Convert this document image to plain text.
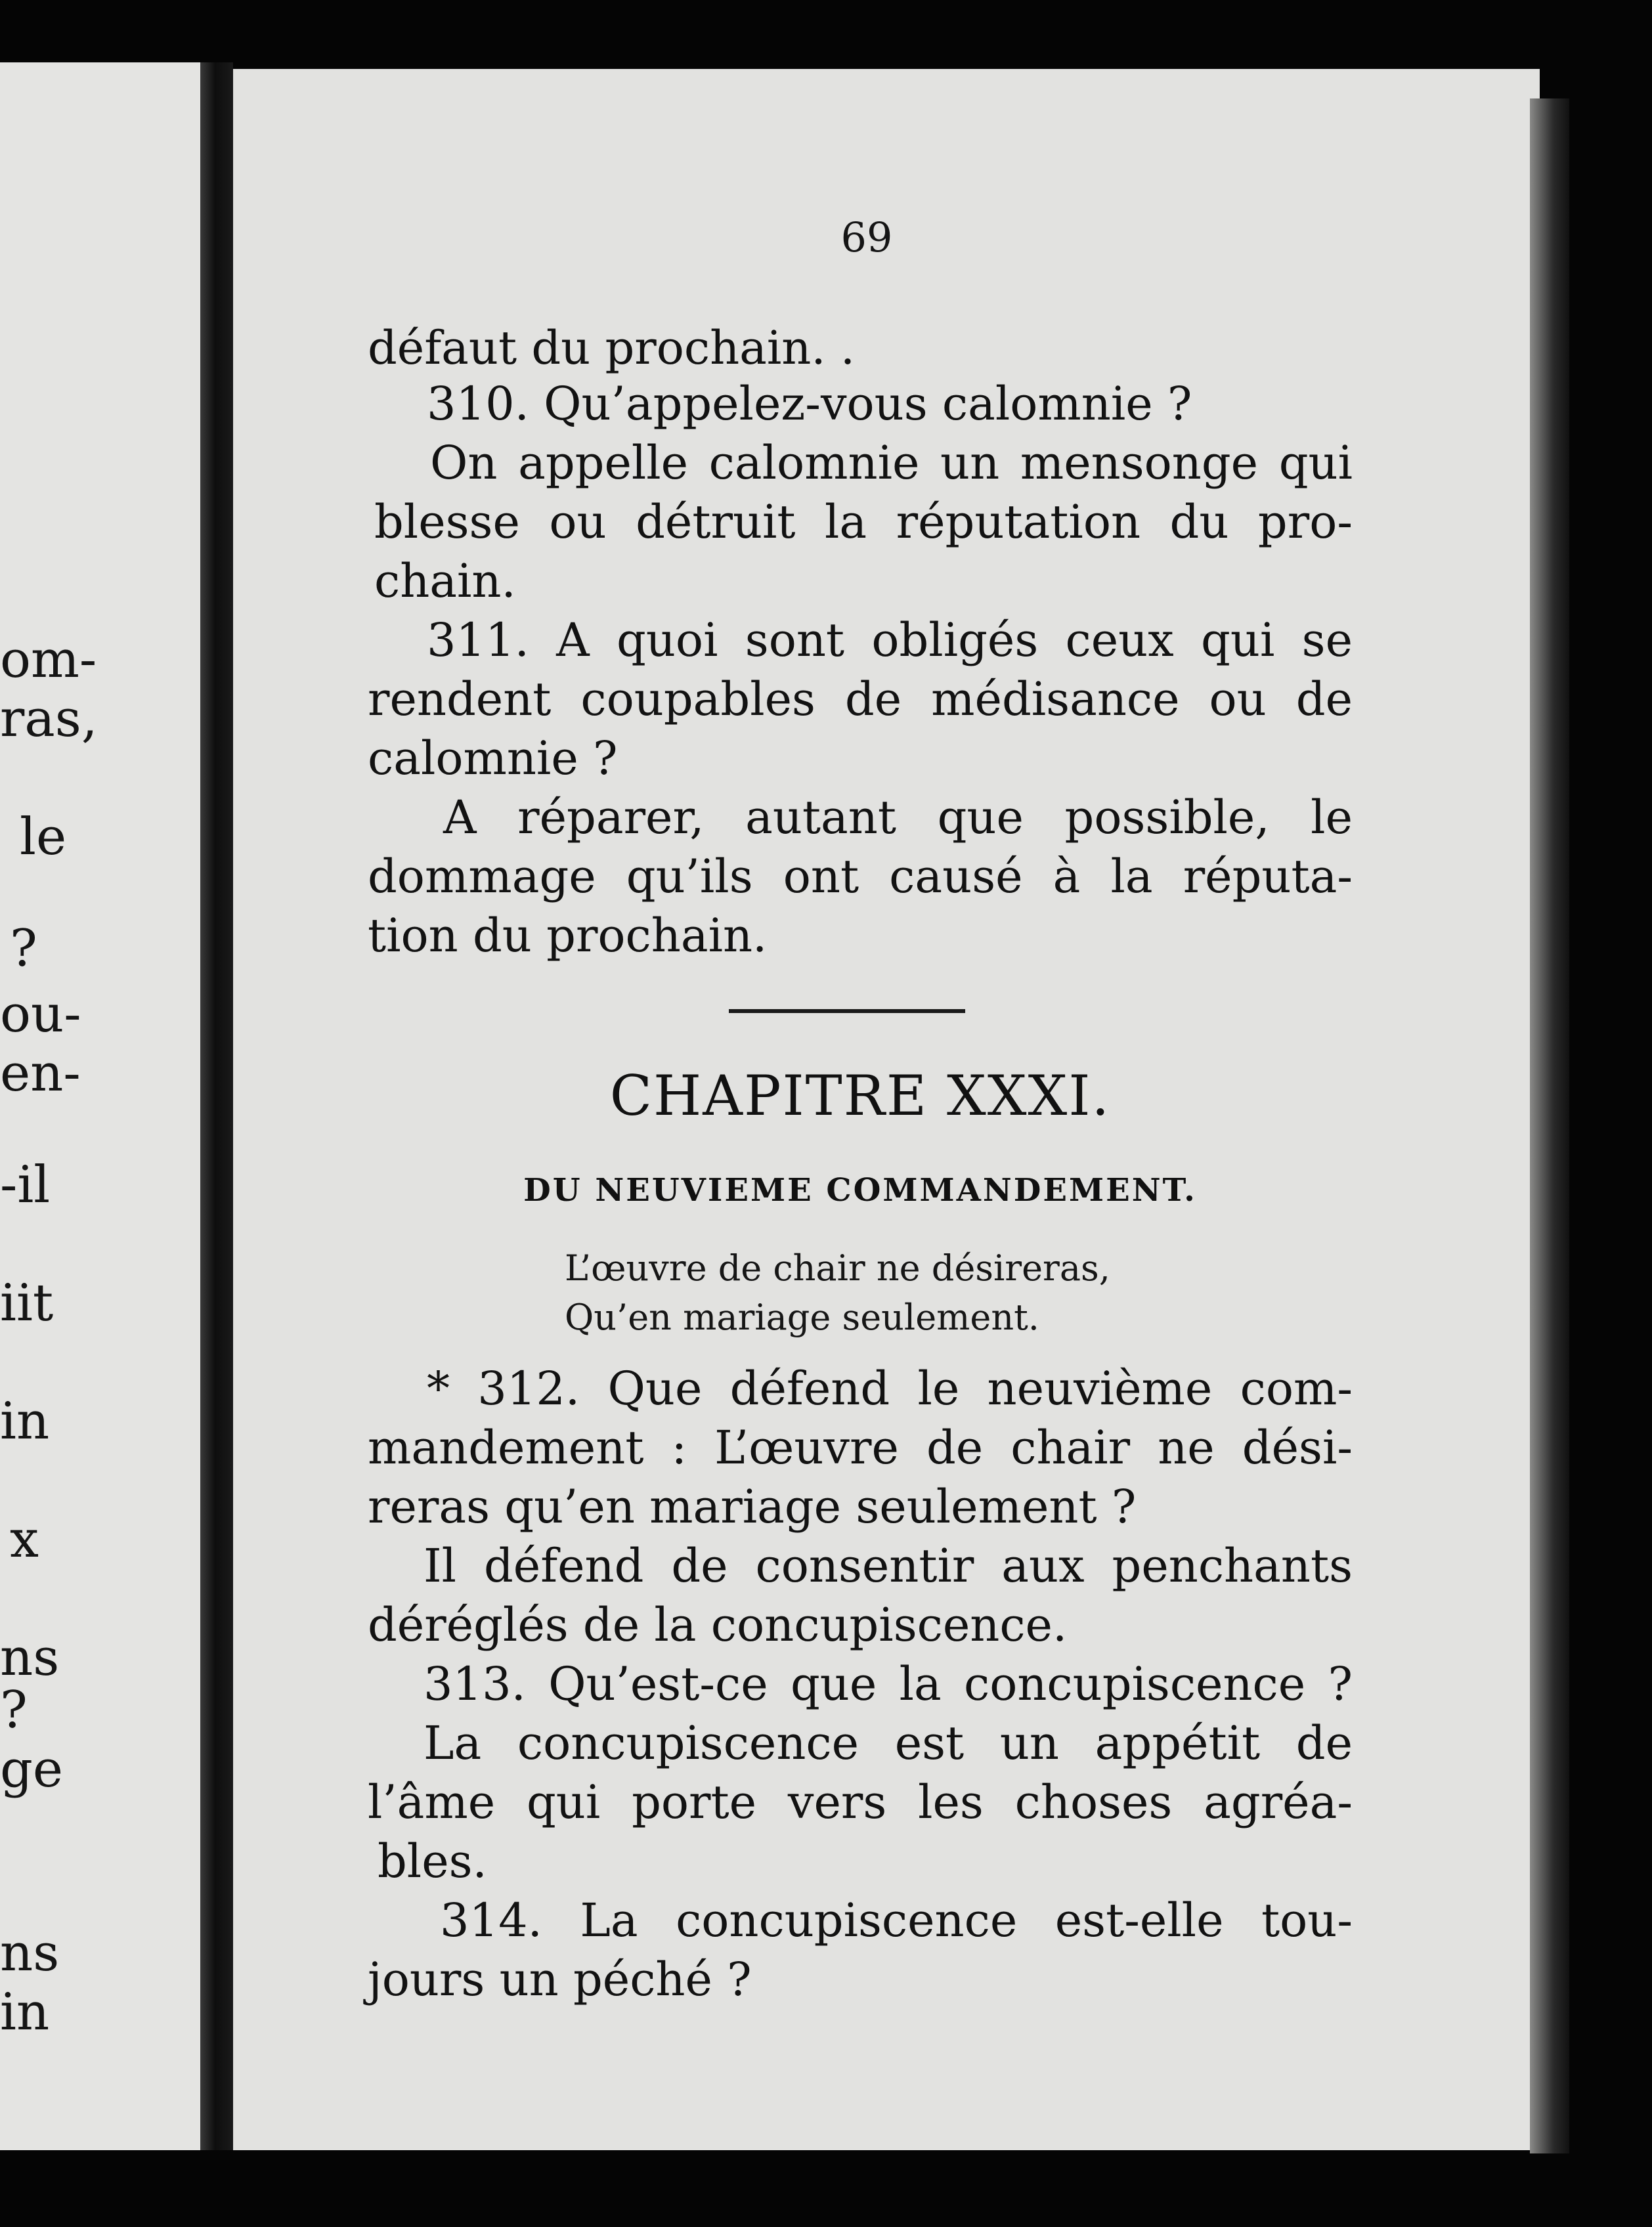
om-
ras,
le
?
ou-
en-
-il
iit
in
x
ns
?
ge
ns
in
69
défaut du prochain. .
310. Qu’appelez-vous calomnie ?
On appelle calomnie un mensonge qui
blesse ou détruit la réputation du pro-
chain.
311. A quoi sont obligés ceux qui se
rendent coupables de médisance ou de
calomnie ?
A réparer, autant que possible, le
dommage qu’ils ont causé à la réputa-
tion du prochain.
CHAPITRE XXXI.
DU NEUVIEME COMMANDEMENT.
L’œuvre de chair ne désireras,
Qu’en mariage seulement.
* 312. Que défend le neuvième com-
mandement : L’œuvre de chair ne dési-
reras qu’en mariage seulement ?
Il défend de consentir aux penchants
déréglés de la concupiscence.
313. Qu’est-ce que la concupiscence ?
La concupiscence est un appétit de
l’âme qui porte vers les choses agréa-
bles.
314. La concupiscence est-elle tou-
jours un péché ?
